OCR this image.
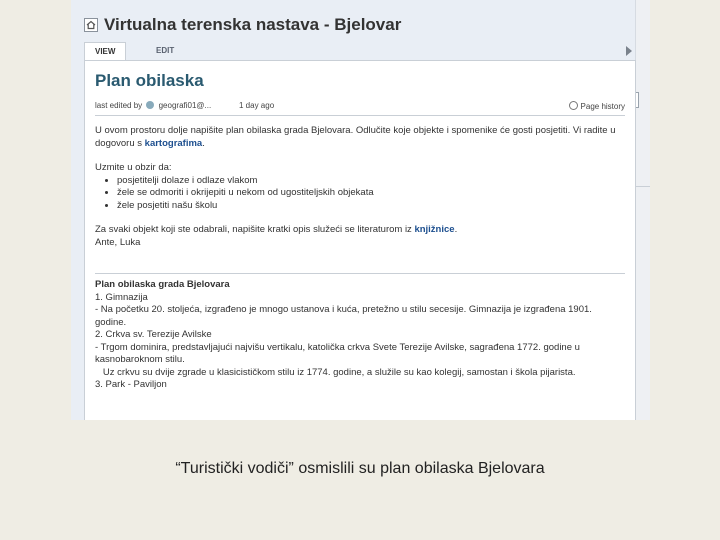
Virtualna terenska nastava - Bjelovar
VIEW	EDIT
Plan obilaska
last edited by geografi01@...	1 day ago	Page history

U ovom prostoru dolje napišite plan obilaska grada Bjelovara. Odlučite koje objekte i spomenike će gosti posjetiti. Vi radite u dogovoru s kartografima.

Uzmite u obzir da:

• posjetitelji dolaze i odlaze vlakom
• žele se odmoriti i okrijepiti u nekom od ugostiteljskih objekata
• žele posjetiti našu školu

Za svaki objekt koji ste odabrali, napišite kratki opis služeći se literaturom iz knjižnice.

Ante, Luka

Plan obilaska grada Bjelovara

1. Gimnazija

- Na početku 20. stoljeća, izgrađeno je mnogo ustanova i kuća, pretežno u stilu secesije. Gimnazija je izgrađena 1901. godine.

2. Crkva sv. Terezije Avilske

- Trgom dominira, predstavljajući najvišu vertikalu, katolička crkva Svete Terezije Avilske, sagrađena 1772. godine u kasnobaroknom stilu.

Uz crkvu su dvije zgrade u klasicističkom stilu iz 1774. godine, a služile su kao kolegij, samostan i škola pijarista.

3. Park - Paviljon

“Turistički vodiči” osmislili su plan obilaska Bjelovara
